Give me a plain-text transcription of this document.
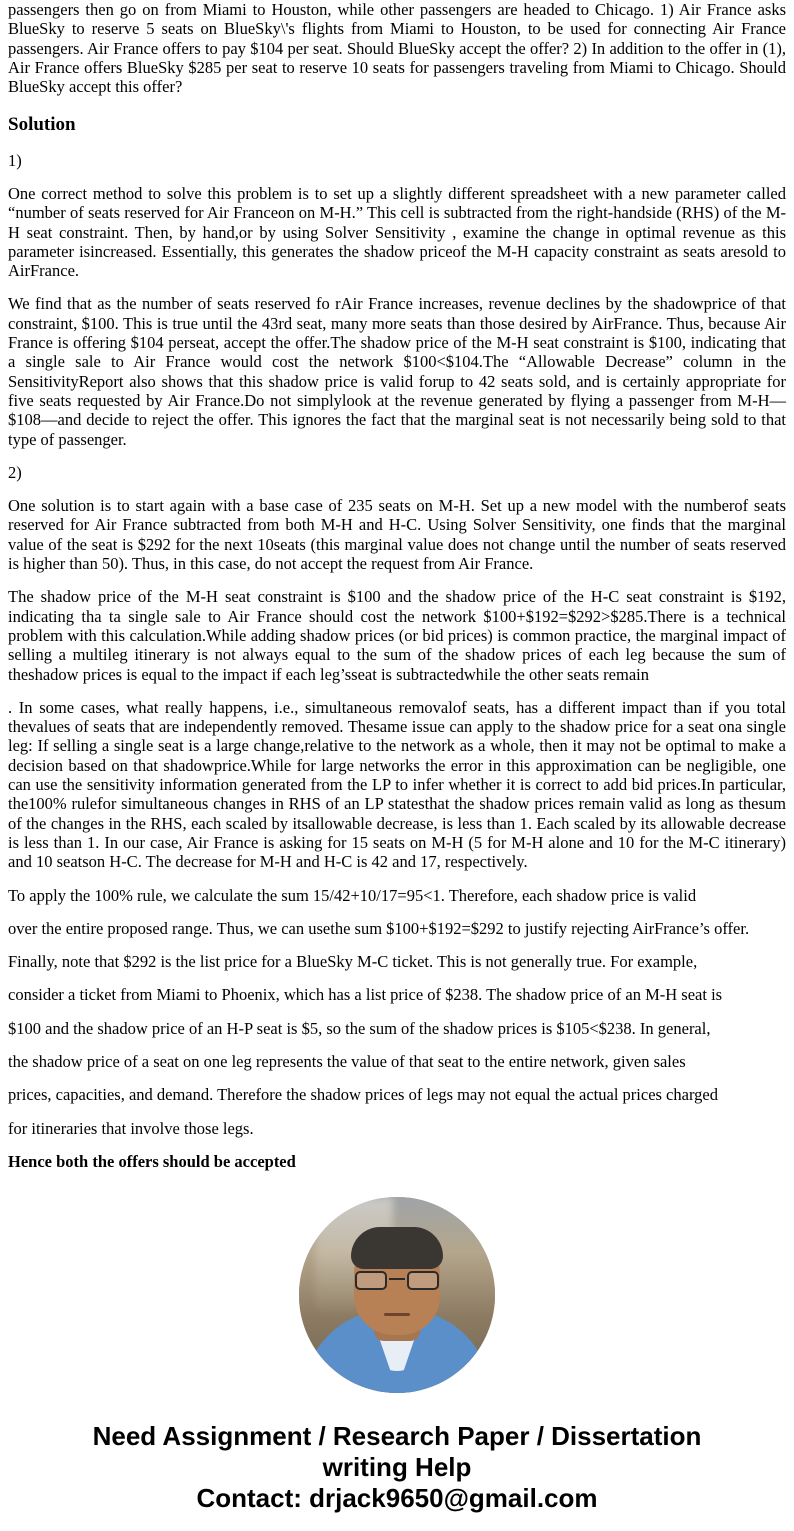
passengers then go on from Miami to Houston, while other passengers are headed to Chicago. 1) Air France asks BlueSky to reserve 5 seats on BlueSky\'s flights from Miami to Houston, to be used for connecting Air France passengers. Air France offers to pay $104 per seat. Should BlueSky accept the offer? 2) In addition to the offer in (1), Air France offers BlueSky $285 per seat to reserve 10 seats for passengers traveling from Miami to Chicago. Should BlueSky accept this offer?

Solution
1)

One correct method to solve this problem is to set up a slightly different spreadsheet with a new parameter called “number of seats reserved for Air Franceon on M-H.” This cell is subtracted from the right-handside (RHS) of the M-H seat constraint. Then, by hand,or by using Solver Sensitivity , examine the change in optimal revenue as this parameter isincreased. Essentially, this generates the shadow priceof the M-H capacity constraint as seats aresold to AirFrance.

We find that as the number of seats reserved fo rAir France increases, revenue declines by the shadowprice of that constraint, $100. This is true until the 43rd seat, many more seats than those desired by AirFrance. Thus, because Air France is offering $104 perseat, accept the offer.The shadow price of the M-H seat constraint is $100, indicating that a single sale to Air France would cost the network $100<$104.The “Allowable Decrease” column in the SensitivityReport also shows that this shadow price is valid forup to 42 seats sold, and is certainly appropriate for five seats requested by Air France.Do not simplylook at the revenue generated by flying a passenger from M-H—$108—and decide to reject the offer. This ignores the fact that the marginal seat is not necessarily being sold to that type of passenger.

2)

One solution is to start again with a base case of 235 seats on M-H. Set up a new model with the numberof seats reserved for Air France subtracted from both M-H and H-C. Using Solver Sensitivity, one finds that the marginal value of the seat is $292 for the next 10seats (this marginal value does not change until the number of seats reserved is higher than 50). Thus, in this case, do not accept the request from Air France.

The shadow price of the M-H seat constraint is $100 and the shadow price of the H-C seat constraint is $192, indicating tha ta single sale to Air France should cost the network $100+$192=$292>$285.There is a technical problem with this calculation.While adding shadow prices (or bid prices) is common practice, the marginal impact of selling a multileg itinerary is not always equal to the sum of the shadow prices of each leg because the sum of theshadow prices is equal to the impact if each leg’sseat is subtractedwhile the other seats remain

. In some cases, what really happens, i.e., simultaneous removalof seats, has a different impact than if you total thevalues of seats that are independently removed. Thesame issue can apply to the shadow price for a seat ona single leg: If selling a single seat is a large change,relative to the network as a whole, then it may not be optimal to make a decision based on that shadowprice.While for large networks the error in this approximation can be negligible, one can use the sensitivity information generated from the LP to infer whether it is correct to add bid prices.In particular, the100% rulefor simultaneous changes in RHS of an LP statesthat the shadow prices remain valid as long as thesum of the changes in the RHS, each scaled by itsallowable decrease, is less than 1. Each scaled by its allowable decrease is less than 1. In our case, Air France is asking for 15 seats on M-H (5 for M-H alone and 10 for the M-C itinerary) and 10 seatson H-C. The decrease for M-H and H-C is 42 and 17, respectively.

To apply the 100% rule, we calculate the sum 15/42+10/17=95<1. Therefore, each shadow price is valid

over the entire proposed range. Thus, we can usethe sum $100+$192=$292 to justify rejecting AirFrance’s offer.

Finally, note that $292 is the list price for a BlueSky M-C ticket. This is not generally true. For example,

consider a ticket from Miami to Phoenix, which has a list price of $238. The shadow price of an M-H seat is

$100 and the shadow price of an H-P seat is $5, so the sum of the shadow prices is $105<$238. In general,

the shadow price of a seat on one leg represents the value of that seat to the entire network, given sales

prices, capacities, and demand. Therefore the shadow prices of legs may not equal the actual prices charged

for itineraries that involve those legs.

Hence both the offers should be accepted
Need Assignment / Research Paper / Dissertation
writing Help
Contact: drjack9650@gmail.com
